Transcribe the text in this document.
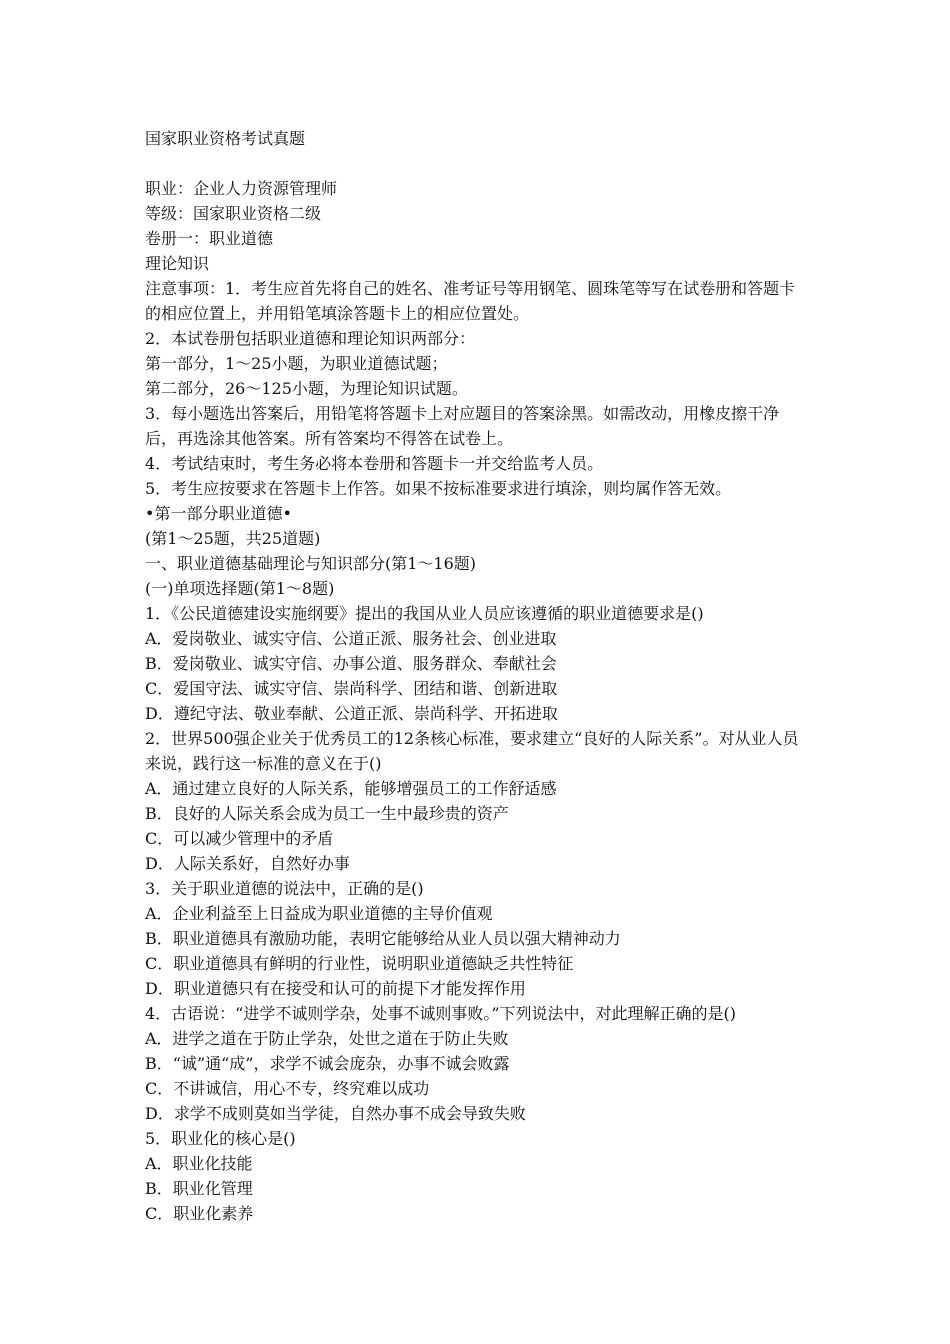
国家职业资格考试真题

职业：企业人力资源管理师

等级：国家职业资格二级

卷册一：职业道德

理论知识

注意事项：1．考生应首先将自己的姓名、准考证号等用钢笔、圆珠笔等写在试卷册和答题卡的相应位置上，并用铅笔填涂答题卡上的相应位置处。

2．本试卷册包括职业道德和理论知识两部分：

第一部分，1～25小题，为职业道德试题；

第二部分，26～125小题，为理论知识试题。

3．每小题选出答案后，用铅笔将答题卡上对应题目的答案涂黑。如需改动，用橡皮擦干净后，再选涂其他答案。所有答案均不得答在试卷上。

4．考试结束时，考生务必将本卷册和答题卡一并交给监考人员。

5．考生应按要求在答题卡上作答。如果不按标准要求进行填涂，则均属作答无效。

•第一部分职业道德•

(第1～25题，共25道题)

一、职业道德基础理论与知识部分(第1～16题)

(一)单项选择题(第1～8题)

1．《公民道德建设实施纲要》提出的我国从业人员应该遵循的职业道德要求是()

A．爱岗敬业、诚实守信、公道正派、服务社会、创业进取

B．爱岗敬业、诚实守信、办事公道、服务群众、奉献社会

C．爱国守法、诚实守信、崇尚科学、团结和谐、创新进取

D．遵纪守法、敬业奉献、公道正派、崇尚科学、开拓进取

2．世界500强企业关于优秀员工的12条核心标准，要求建立“良好的人际关系”。对从业人员来说，践行这一标准的意义在于()

A．通过建立良好的人际关系，能够增强员工的工作舒适感

B．良好的人际关系会成为员工一生中最珍贵的资产

C．可以减少管理中的矛盾

D．人际关系好，自然好办事

3．关于职业道德的说法中，正确的是()

A．企业利益至上日益成为职业道德的主导价值观

B．职业道德具有激励功能，表明它能够给从业人员以强大精神动力

C．职业道德具有鲜明的行业性，说明职业道德缺乏共性特征

D．职业道德只有在接受和认可的前提下才能发挥作用

4．古语说：“进学不诚则学杂，处事不诚则事败。”下列说法中，对此理解正确的是()

A．进学之道在于防止学杂，处世之道在于防止失败

B．“诚”通“成”，求学不诚会庞杂，办事不诚会败露

C．不讲诚信，用心不专，终究难以成功

D．求学不成则莫如当学徒，自然办事不成会导致失败

5．职业化的核心是()

A．职业化技能

B．职业化管理

C．职业化素养
